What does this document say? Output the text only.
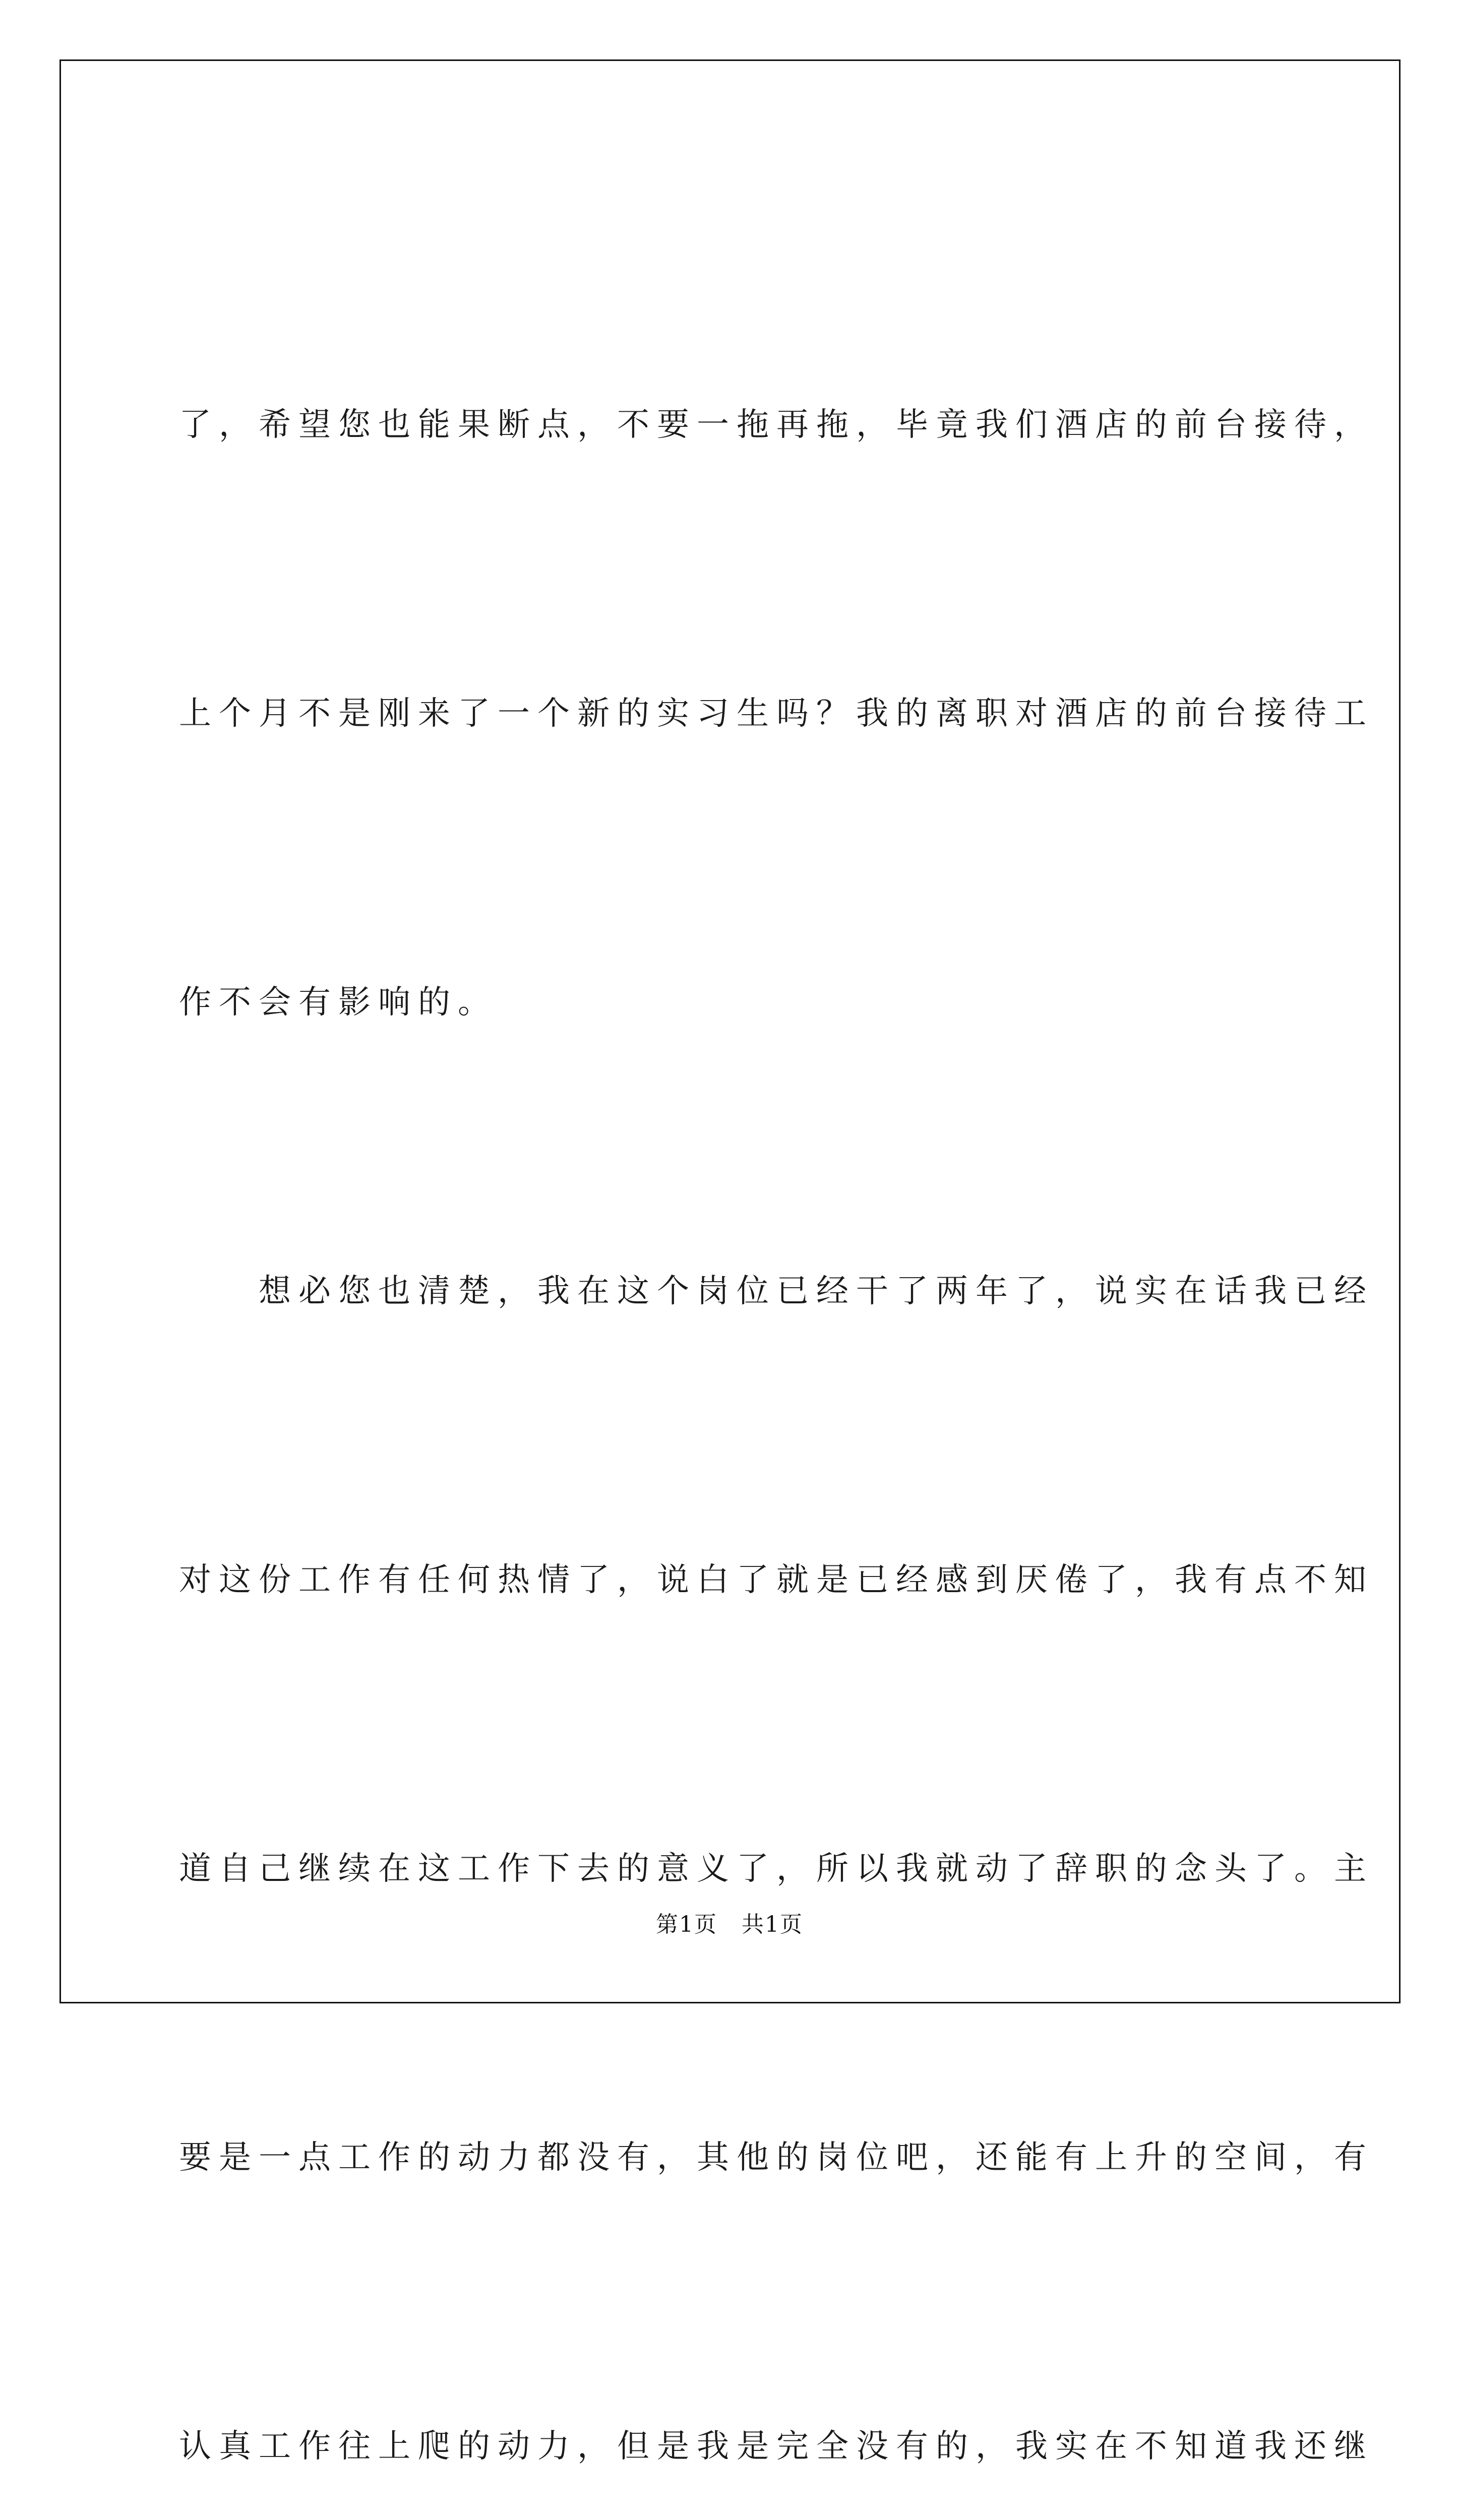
了，希望您也能果断点，不要一拖再拖，毕竟我们酒店的前台接待，

上个月不是刚来了一个新的实习生吗？我的离职对酒店的前台接待工

作不会有影响的。

　　想必您也清楚，我在这个岗位已经干了两年了，说实在话我已经

对这份工作有任何热情了，说白了就是已经感到厌倦了，我有点不知

道自己继续在这工作下去的意义了，所以我就动了辞职的念头了。主

要是一点工作的动力都没有，其他的岗位吧，还能有上升的空间，有

认真工作往上爬的动力，但是我是完全没有的，我实在不知道我还继

第1页 共1页
